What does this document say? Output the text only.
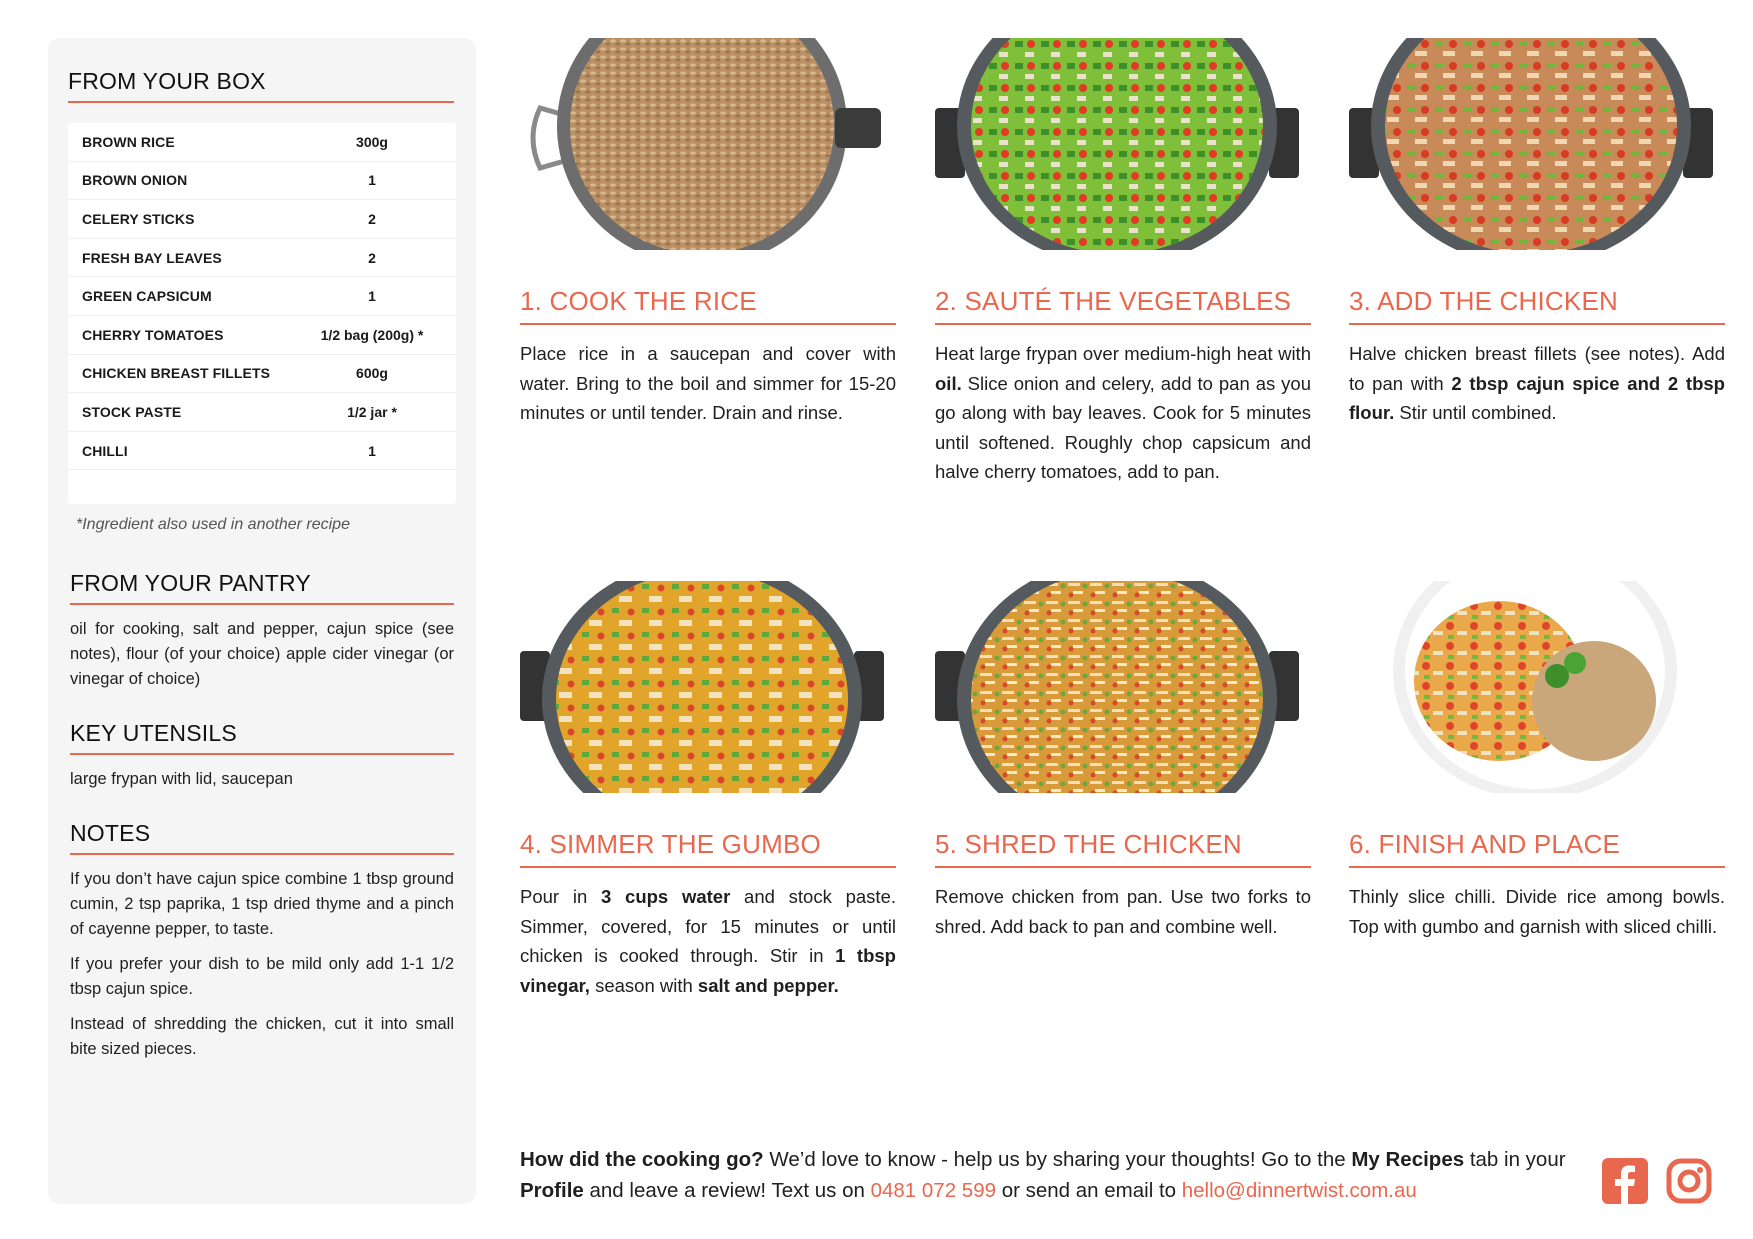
FROM YOUR BOX
BROWN RICE	300g
BROWN ONION	1
CELERY STICKS	2
FRESH BAY LEAVES	2
GREEN CAPSICUM	1
CHERRY TOMATOES	1/2 bag (200g) *
CHICKEN BREAST FILLETS	600g
STOCK PASTE	1/2 jar *
CHILLI	1
*Ingredient also used in another recipe
FROM YOUR PANTRY

oil for cooking, salt and pepper, cajun spice (see notes), flour (of your choice) apple cider vinegar (or vinegar of choice)

KEY UTENSILS

large frypan with lid, saucepan

NOTES

If you don’t have cajun spice combine 1 tbsp ground cumin, 2 tsp paprika, 1 tsp dried thyme and a pinch of cayenne pepper, to taste.

If you prefer your dish to be mild only add 1-1 1/2 tbsp cajun spice.

Instead of shredding the chicken, cut it into small bite sized pieces.

1. COOK THE RICE

Place rice in a saucepan and cover with water. Bring to the boil and simmer for 15-20 minutes or until tender. Drain and rinse.

2. SAUTÉ THE VEGETABLES

Heat large frypan over medium-high heat with oil. Slice onion and celery, add to pan as you go along with bay leaves. Cook for 5 minutes until softened. Roughly chop capsicum and halve cherry tomatoes, add to pan.

3. ADD THE CHICKEN

Halve chicken breast fillets (see notes). Add to pan with 2 tbsp cajun spice and 2 tbsp flour. Stir until combined.

4. SIMMER THE GUMBO

Pour in 3 cups water and stock paste. Simmer, covered, for 15 minutes or until chicken is cooked through. Stir in 1 tbsp vinegar, season with salt and pepper.

5. SHRED THE CHICKEN

Remove chicken from pan. Use two forks to shred. Add back to pan and combine well.

6. FINISH AND PLACE

Thinly slice chilli. Divide rice among bowls. Top with gumbo and garnish with sliced chilli.

How did the cooking go? We’d love to know - help us by sharing your thoughts! Go to the My Recipes tab in your Profile and leave a review! Text us on 0481 072 599 or send an email to hello@dinnertwist.com.au
